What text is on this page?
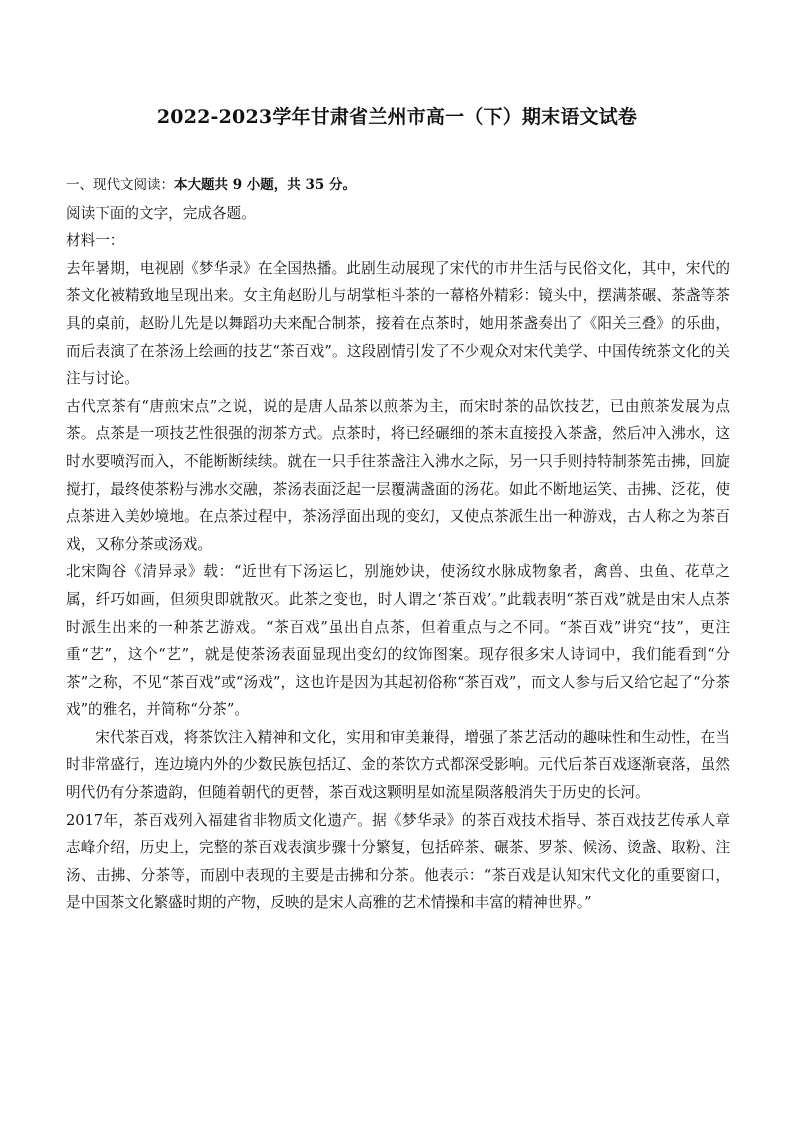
2022-2023学年甘肃省兰州市高一（下）期末语文试卷

一、现代文阅读：本大题共 9 小题，共 35 分。

阅读下面的文字，完成各题。

材料一：

去年暑期，电视剧《梦华录》在全国热播。此剧生动展现了宋代的市井生活与民俗文化，其中，宋代的茶文化被精致地呈现出来。女主角赵盼儿与胡掌柜斗茶的一幕格外精彩：镜头中，摆满茶碾、茶盏等茶具的桌前，赵盼儿先是以舞蹈功夫来配合制茶，接着在点茶时，她用茶盏奏出了《阳关三叠》的乐曲，而后表演了在茶汤上绘画的技艺“茶百戏”。这段剧情引发了不少观众对宋代美学、中国传统茶文化的关注与讨论。

古代烹茶有“唐煎宋点”之说，说的是唐人品茶以煎茶为主，而宋时茶的品饮技艺，已由煎茶发展为点茶。点茶是一项技艺性很强的沏茶方式。点茶时，将已经碾细的茶末直接投入茶盏，然后冲入沸水，这时水要喷泻而入，不能断断续续。就在一只手往茶盏注入沸水之际，另一只手则持特制茶筅击拂，回旋搅打，最终使茶粉与沸水交融，茶汤表面泛起一层覆满盏面的汤花。如此不断地运笑、击拂、泛花，使点茶进入美妙境地。在点茶过程中，茶汤浮面出现的变幻，又使点茶派生出一种游戏，古人称之为茶百戏，又称分茶或汤戏。

北宋陶谷《清异录》载：“近世有下汤运匕，别施妙诀，使汤纹水脉成物象者，禽兽、虫鱼、花草之属，纤巧如画，但须臾即就散灭。此茶之变也，时人谓之‘茶百戏’。”此载表明“茶百戏”就是由宋人点茶时派生出来的一种茶艺游戏。“茶百戏”虽出自点茶，但着重点与之不同。“茶百戏”讲究“技”，更注重“艺”，这个“艺”，就是使茶汤表面显现出变幻的纹饰图案。现存很多宋人诗词中，我们能看到“分茶”之称，不见“茶百戏”或“汤戏”，这也许是因为其起初俗称“茶百戏”，而文人参与后又给它起了“分茶戏”的雅名，并简称“分茶”。

宋代茶百戏，将茶饮注入精神和文化，实用和审美兼得，增强了茶艺活动的趣味性和生动性，在当时非常盛行，连边境内外的少数民族包括辽、金的茶饮方式都深受影响。元代后茶百戏逐渐衰落，虽然明代仍有分茶遗韵，但随着朝代的更替，茶百戏这颗明星如流星陨落般消失于历史的长河。

2017年，茶百戏列入福建省非物质文化遗产。据《梦华录》的茶百戏技术指导、茶百戏技艺传承人章志峰介绍，历史上，完整的茶百戏表演步骤十分繁复，包括碎茶、碾茶、罗茶、候汤、烫盏、取粉、注汤、击拂、分茶等，而剧中表现的主要是击拂和分茶。他表示：“茶百戏是认知宋代文化的重要窗口，是中国茶文化繁盛时期的产物，反映的是宋人高雅的艺术情操和丰富的精神世界。”
